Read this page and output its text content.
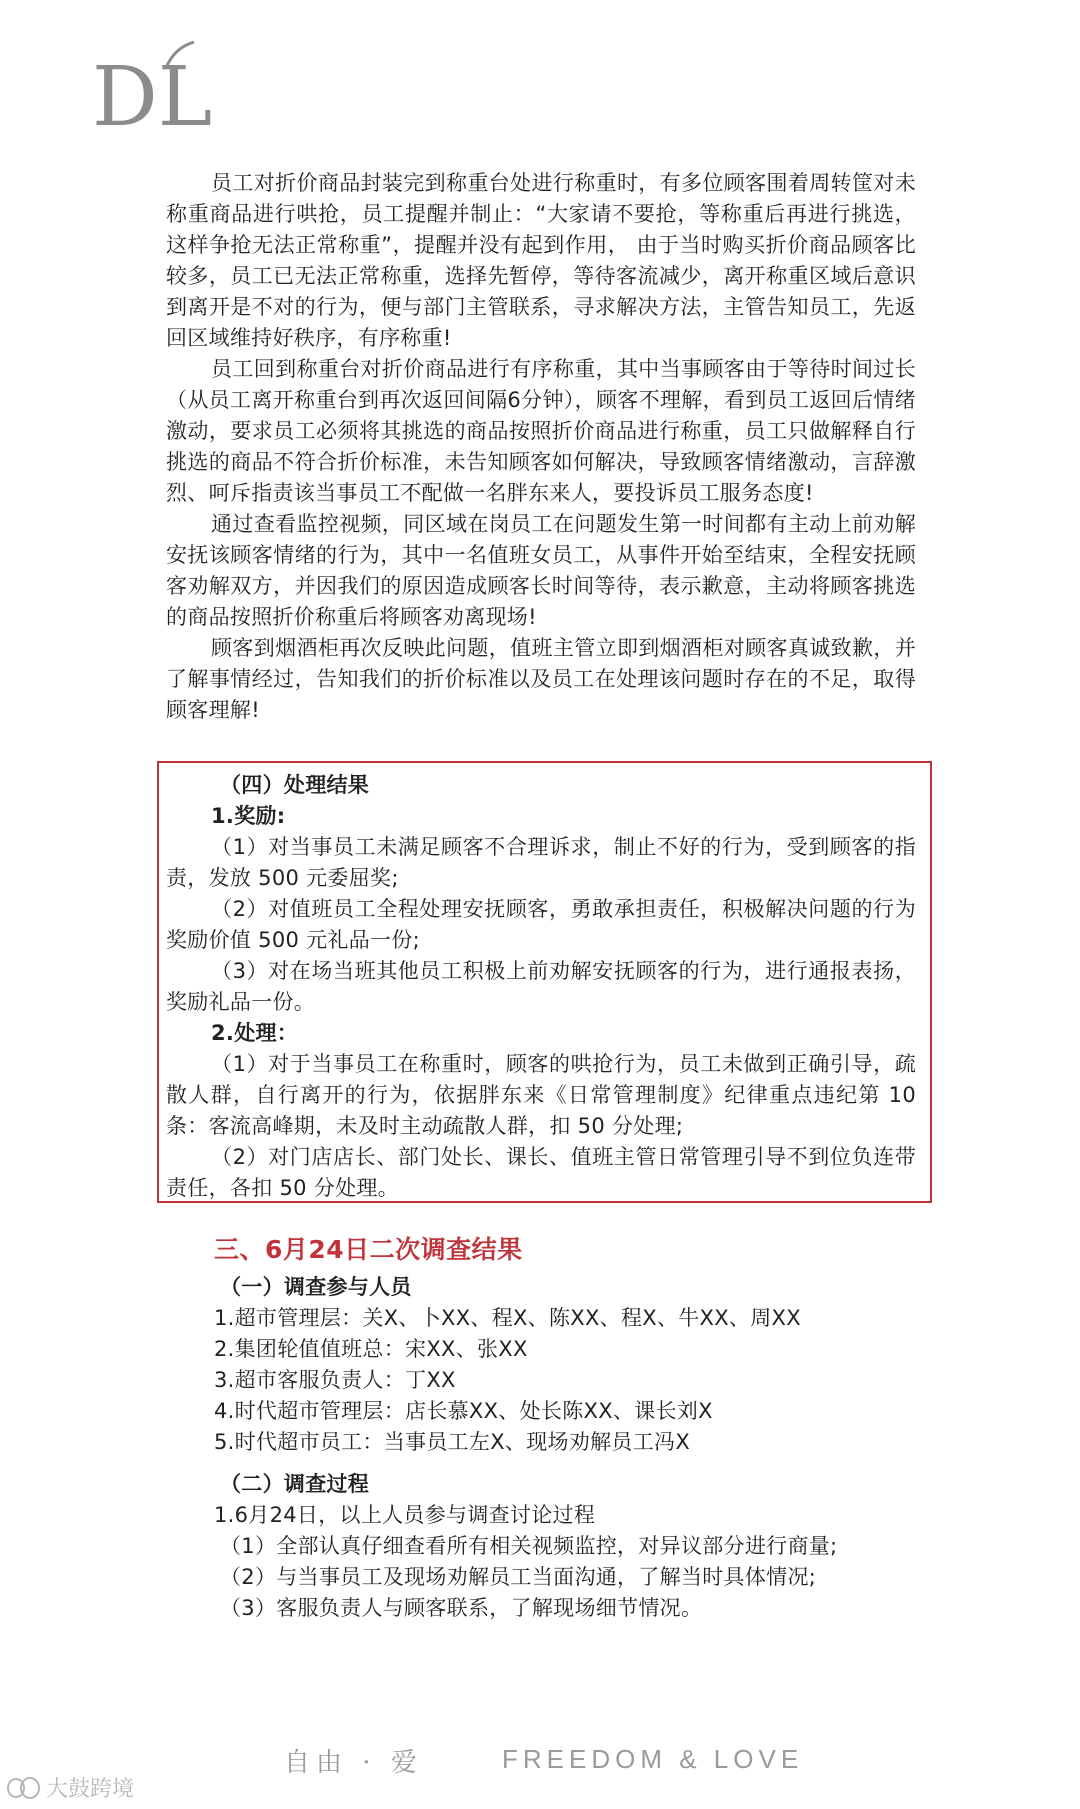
DL

员工对折价商品封装完到称重台处进行称重时，有多位顾客围着周转筐对未称重商品进行哄抢，员工提醒并制止：“大家请不要抢，等称重后再进行挑选，这样争抢无法正常称重”，提醒并没有起到作用， 由于当时购买折价商品顾客比较多，员工已无法正常称重，选择先暂停，等待客流减少，离开称重区域后意识到离开是不对的行为，便与部门主管联系，寻求解决方法，主管告知员工，先返回区域维持好秩序，有序称重!

员工回到称重台对折价商品进行有序称重，其中当事顾客由于等待时间过长（从员工离开称重台到再次返回间隔6分钟），顾客不理解，看到员工返回后情绪激动，要求员工必须将其挑选的商品按照折价商品进行称重，员工只做解释自行挑选的商品不符合折价标准，未告知顾客如何解决，导致顾客情绪激动，言辞激烈、呵斥指责该当事员工不配做一名胖东来人，要投诉员工服务态度!

通过查看监控视频，同区域在岗员工在问题发生第一时间都有主动上前劝解安抚该顾客情绪的行为，其中一名值班女员工，从事件开始至结束，全程安抚顾客劝解双方，并因我们的原因造成顾客长时间等待，表示歉意，主动将顾客挑选的商品按照折价称重后将顾客劝离现场!

顾客到烟酒柜再次反映此问题，值班主管立即到烟酒柜对顾客真诚致歉，并了解事情经过，告知我们的折价标准以及员工在处理该问题时存在的不足，取得顾客理解!

（四）处理结果

1.奖励:

（1）对当事员工未满足顾客不合理诉求，制止不好的行为，受到顾客的指责，发放 500 元委屈奖;

（2）对值班员工全程处理安抚顾客，勇敢承担责任，积极解决问题的行为奖励价值 500 元礼品一份;

（3）对在场当班其他员工积极上前劝解安抚顾客的行为，进行通报表扬，奖励礼品一份。

2.处理：

（1）对于当事员工在称重时，顾客的哄抢行为，员工未做到正确引导，疏散人群，自行离开的行为，依据胖东来《日常管理制度》纪律重点违纪第 10 条：客流高峰期，未及时主动疏散人群，扣 50 分处理;

（2）对门店店长、部门处长、课长、值班主管日常管理引导不到位负连带责任，各扣 50 分处理。

三、6月24日二次调查结果

（一）调查参与人员

1.超市管理层：关X、卜XX、程X、陈XX、程X、牛XX、周XX

2.集团轮值值班总：宋XX、张XX

3.超市客服负责人：丁XX

4.时代超市管理层：店长慕XX、处长陈XX、课长刘X

5.时代超市员工：当事员工左X、现场劝解员工冯X

（二）调查过程

1.6月24日，以上人员参与调查讨论过程

（1）全部认真仔细查看所有相关视频监控，对异议部分进行商量;

（2）与当事员工及现场劝解员工当面沟通，了解当时具体情况;

（3）客服负责人与顾客联系，了解现场细节情况。

自由 · 爱	FREEDOM & LOVE
大鼓跨境
